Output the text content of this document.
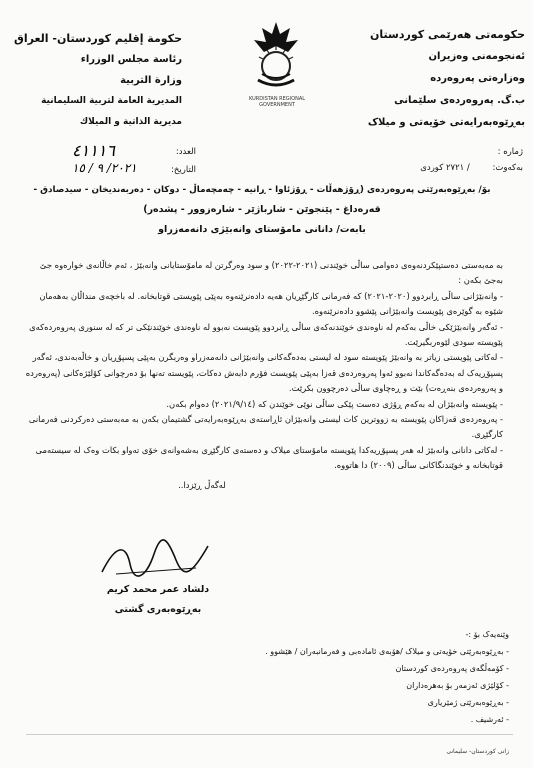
حکومەتی هەرێمی کوردستان
ئەنجومەنی وەزیران
وەزارەتی پەروەردە
ب.گ. پەروەردەی سلێمانی
بەڕێوەبەرایەتی خۆیەتی و میلاک
KURDISTAN REGIONAL GOVERNMENT
حكومة إقليم كوردستان- العراق
رئاسة مجلس الوزراء
وزارة التربية
المديرية العامة لتربية السليمانية
مديرية الذاتية و الميلاك
العدد:
٤١١١٦
التاريخ:
٢٠٢١/ ٩ / ١٥
ژمارە :
بەکەوت: / ٢٧٢١ کوردی
بۆ/ بەڕێوەبەرێتی پەروەردەی (ڕۆژهەڵات - ڕۆژئاوا - ڕانیە - چەمچەماڵ - دوکان - دەربەندیخان - سیدصادق -
قەرەداغ - پێنجوێن - شارباژێر - شارەزوور - پشدەر)
بابەت/ دانانی مامۆستای وانەبێژی دانەمەزراو

بە مەبەستی دەستپێکردنەوەی دەوامی ساڵی خوێندنی (٢٠٢١-٢٠٢٢) و سود وەرگرتن لە مامۆستایانی وانەبێژ ، ئەم خاڵانەی خوارەوە جێ بەجێ بکەن :

- وانەبێژانی ساڵی ڕابردوو (٢٠٢٠-٢٠٢١) کە فەرمانی کارگێڕیان هەیە دادەنرێنەوە بەپێی پێویستی قوتابخانە. لە باخچەی منداڵان بەهەمان شێوە بە گوێرەی پێویست وانەبێژانی پێشوو دادەنرێنەوە.

- ئەگەر وانەبێژێکی خاڵی بەکەم لە ناوەندی خوێندنەکەی ساڵی ڕابردوو پێویست نەبوو لە ناوەندی خوێندنێکی تر کە لە سنوری پەروەردەکەی پێویستە سودی لێوەربگیرێت.

- لەکاتی پێویستی زیاتر بە وانەبێژ پێویستە سود لە لیستی بەدەگەکانی وانەبێژانی دانەمەزراو وەربگرن بەپێی پسپۆڕیان و خاڵەبەندی، ئەگەر پسپۆڕیەک لە بەدەگەکاندا نەبوو ئەوا پەروەردەی قەزا بەپێی پێویست فۆرم دابەش دەکات، پێویستە تەنها بۆ دەرچوانی کۆلێژەکانی (پەروەردە و پەروەردەی بنەڕەت) بێت و ڕەچاوی ساڵی دەرچوون بکرێت.

- پێویستە وانەبێژان لە بەکەم ڕۆژی دەست پێکی ساڵی نوێی خوێندن کە (٢٠٢١/٩/١٤) دەوام بکەن.

- پەروەردەی قەزاکان پێویستە بە زووترین کات لیستی وانەبێژان ئاڕاستەی بەڕێوەبەرایەتی گشتیمان بکەن بە مەبەستی دەرکردنی فەرمانی کارگێڕی.

- لەکاتی دانانی وانەبێژ لە هەر پسپۆڕیەکدا پێویستە مامۆستای میلاک و دەستەی کارگێڕی بەشەوانەی خۆی تەواو بکات وەک لە سیستەمی قوتابخانە و خوێندنگاکانی ساڵی (٢٠٠٩) دا هاتووە.

لەگەڵ ڕێزدا..

دلشاد عمر محمد کریم
بەڕێوەبەری گشتی
وێنەیەک بۆ :-
- بەڕێوەبەرێتی خۆیەتی و میلاک /هۆبەی ئامادەبی و فەرمانبەران / هێشوو .
- کۆمەڵگەی پەروەردەی کوردستان
- کۆلێژی ئەزمەر بۆ بەهرەداران
- بەڕێوەبەرێتی ژمێریاری
- ئەرشیف .
زانی کوردستان- سلیمانی
